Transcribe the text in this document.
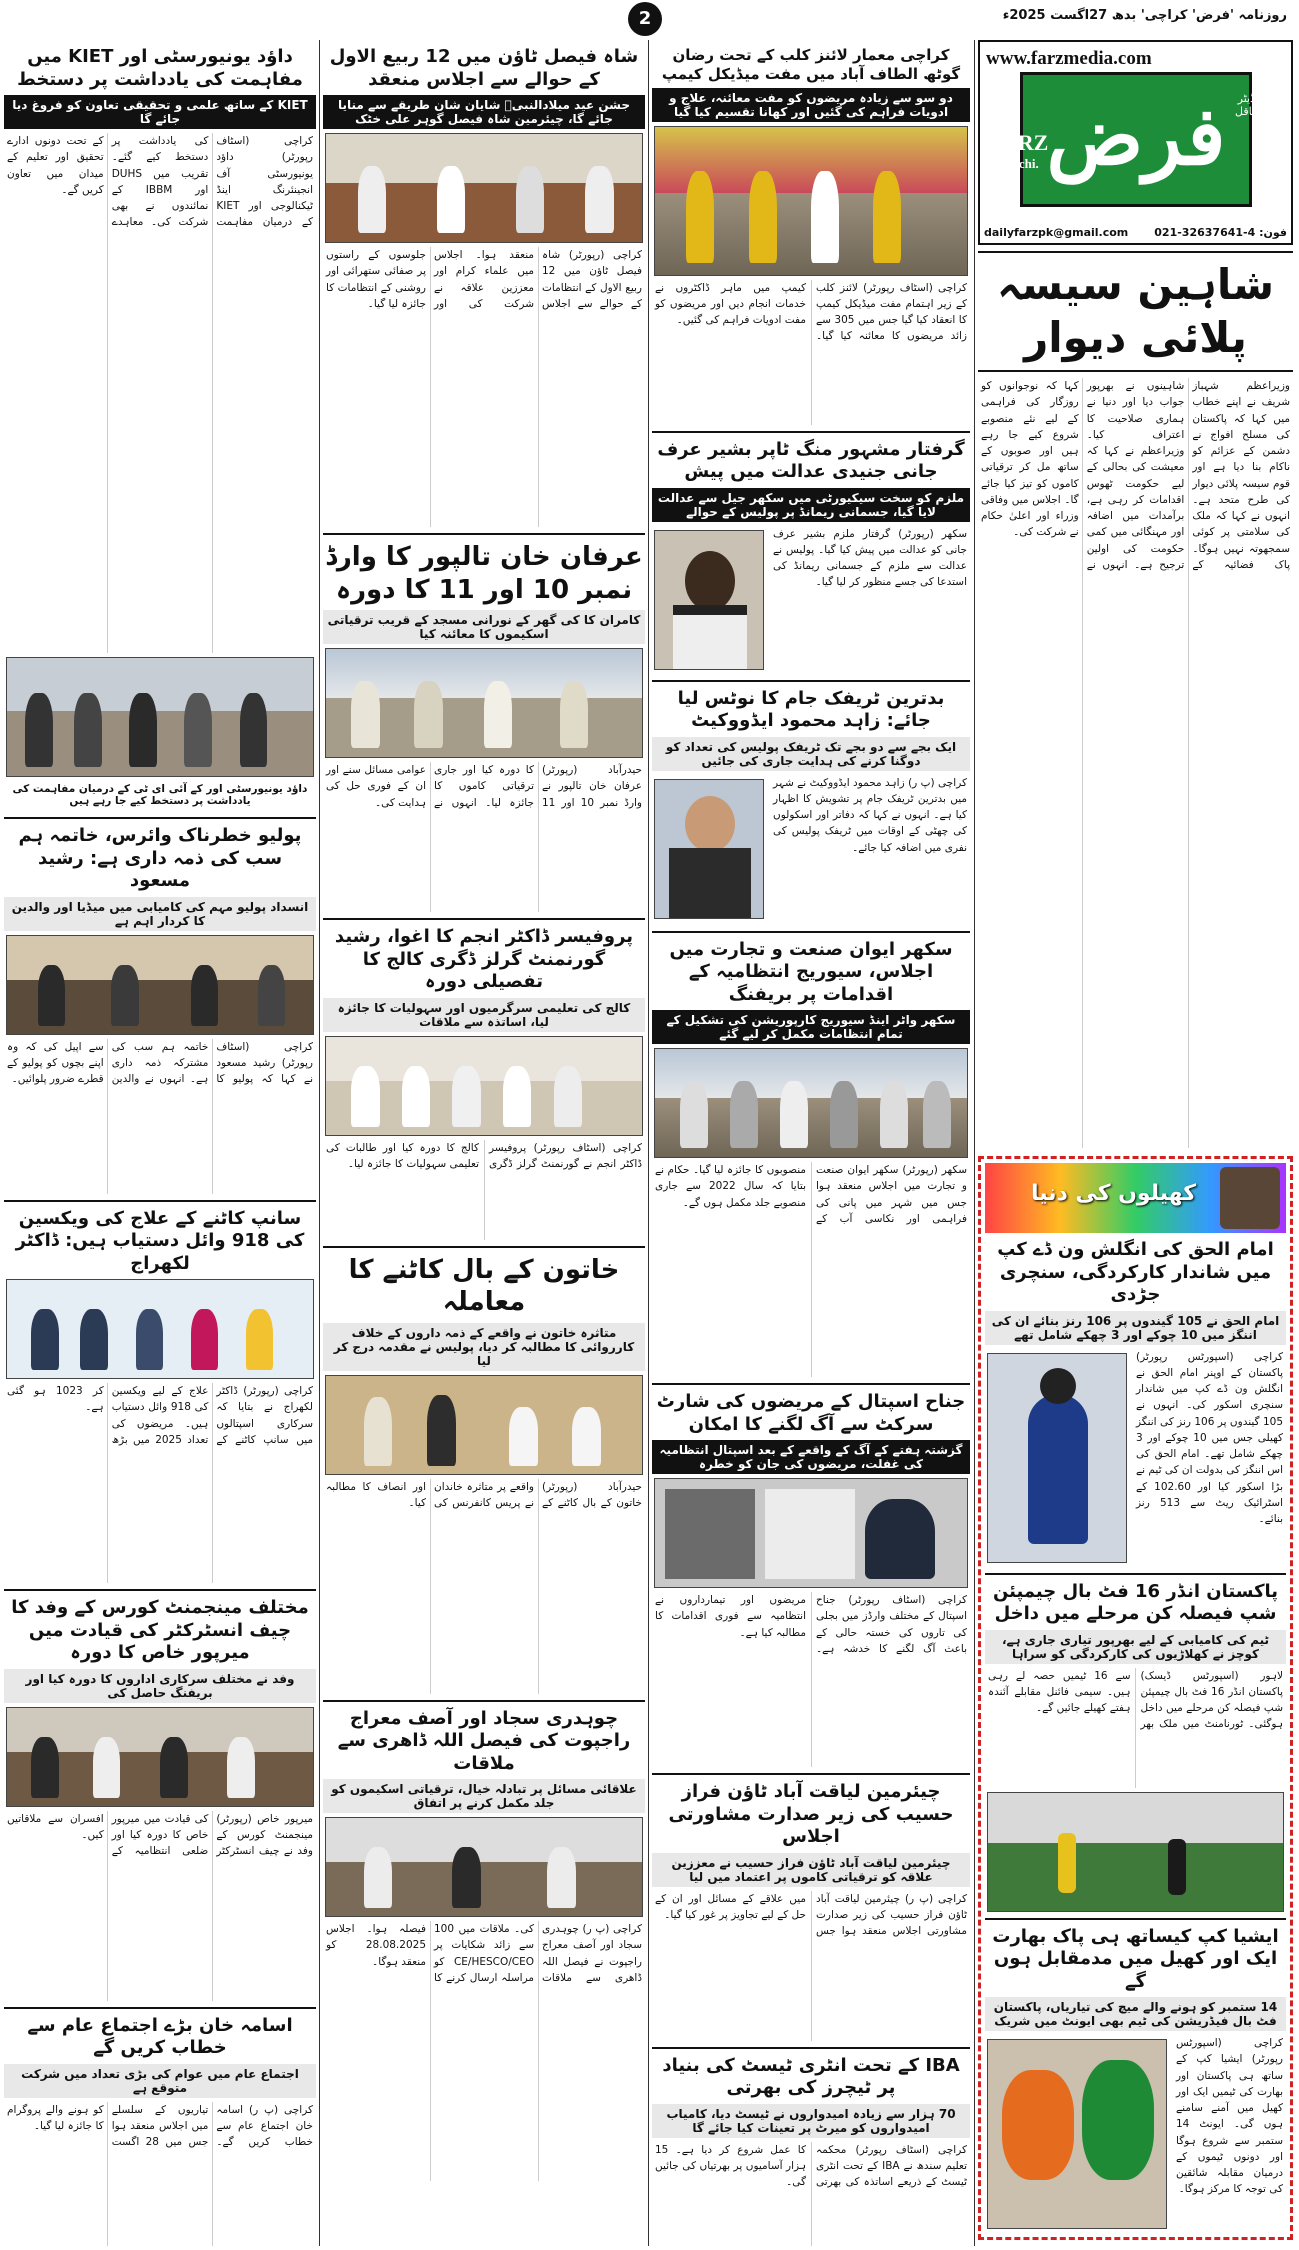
2	روزنامہ 'فرض' کراچی' بدھ 27اگست 2025ء
www.farzmedia.com
فرض
Daily
FARZ
Karachi.
چیف ایڈیٹر مختار عاقل
dailyfarzpk@gmail.com 021-32637641-4 :فون
شاہین سیسہ پلائی دیوار
وزیراعظم شہباز شریف نے اپنے خطاب میں کہا کہ پاکستان کی مسلح افواج نے دشمن کے عزائم کو ناکام بنا دیا ہے اور قوم سیسہ پلائی دیوار کی طرح متحد ہے۔ انہوں نے کہا کہ ملک کی سلامتی پر کوئی سمجھوتہ نہیں ہوگا۔ پاک فضائیہ کے شاہینوں نے بھرپور جواب دیا اور دنیا نے ہماری صلاحیت کا اعتراف کیا۔ وزیراعظم نے کہا کہ معیشت کی بحالی کے لیے حکومت ٹھوس اقدامات کر رہی ہے، برآمدات میں اضافہ اور مہنگائی میں کمی حکومت کی اولین ترجیح ہے۔ انہوں نے کہا کہ نوجوانوں کو روزگار کی فراہمی کے لیے نئے منصوبے شروع کیے جا رہے ہیں اور صوبوں کے ساتھ مل کر ترقیاتی کاموں کو تیز کیا جائے گا۔ اجلاس میں وفاقی وزراء اور اعلیٰ حکام نے شرکت کی۔
کھیلوں کی دنیا
امام الحق کی انگلش ون ڈے کپ میں شاندار کارکردگی، سنچری جڑدی
امام الحق نے 105 گیندوں پر 106 رنز بنائے ان کی اننگز میں 10 چوکے اور 3 چھکے شامل تھے
کراچی (اسپورٹس رپورٹر) پاکستان کے اوپنر امام الحق نے انگلش ون ڈے کپ میں شاندار سنچری اسکور کی۔ انہوں نے 105 گیندوں پر 106 رنز کی اننگز کھیلی جس میں 10 چوکے اور 3 چھکے شامل تھے۔ امام الحق کی اس اننگز کی بدولت ان کی ٹیم نے بڑا اسکور کیا اور 102.60 کے اسٹرائیک ریٹ سے 513 رنز بنائے۔
پاکستان انڈر 16 فٹ بال چیمپئن شپ فیصلہ کن مرحلے میں داخل
ٹیم کی کامیابی کے لیے بھرپور تیاری جاری ہے، کوچز نے کھلاڑیوں کی کارکردگی کو سراہا
لاہور (اسپورٹس ڈیسک) پاکستان انڈر 16 فٹ بال چیمپئن شپ فیصلہ کن مرحلے میں داخل ہوگئی۔ ٹورنامنٹ میں ملک بھر سے 16 ٹیمیں حصہ لے رہی ہیں۔ سیمی فائنل مقابلے آئندہ ہفتے کھیلے جائیں گے۔
ایشیا کپ کیساتھ ہی پاک بھارت ایک اور کھیل میں مدمقابل ہوں گے
14 ستمبر کو ہونے والے میچ کی تیاریاں، پاکستان فٹ بال فیڈریشن کی ٹیم بھی ایونٹ میں شریک
کراچی (اسپورٹس رپورٹر) ایشیا کپ کے ساتھ ہی پاکستان اور بھارت کی ٹیمیں ایک اور کھیل میں آمنے سامنے ہوں گی۔ ایونٹ 14 ستمبر سے شروع ہوگا اور دونوں ٹیموں کے درمیان مقابلہ شائقین کی توجہ کا مرکز ہوگا۔
کراچی معمار لائنز کلب کے تحت رضان گوٹھ الطاف آباد میں مفت میڈیکل کیمپ
دو سو سے زیادہ مریضوں کو مفت معائنہ، علاج و ادویات فراہم کی گئیں اور کھانا تقسیم کیا گیا
کراچی (اسٹاف رپورٹر) لائنز کلب کے زیر اہتمام مفت میڈیکل کیمپ کا انعقاد کیا گیا جس میں 305 سے زائد مریضوں کا معائنہ کیا گیا۔ کیمپ میں ماہر ڈاکٹروں نے خدمات انجام دیں اور مریضوں کو مفت ادویات فراہم کی گئیں۔
گرفتار مشہور منگ ٹاپر بشیر عرف جانی جنیدی عدالت میں پیش
ملزم کو سخت سیکیورٹی میں سکھر جیل سے عدالت لایا گیا، جسمانی ریمانڈ پر پولیس کے حوالے
سکھر (رپورٹر) گرفتار ملزم بشیر عرف جانی کو عدالت میں پیش کیا گیا۔ پولیس نے عدالت سے ملزم کے جسمانی ریمانڈ کی استدعا کی جسے منظور کر لیا گیا۔
بدترین ٹریفک جام کا نوٹس لیا جائے: زاہد محمود ایڈووکیٹ
ایک بجے سے دو بجے تک ٹریفک پولیس کی تعداد کو دوگنا کرنے کی ہدایت جاری کی جائیں
کراچی (پ ر) زاہد محمود ایڈووکیٹ نے شہر میں بدترین ٹریفک جام پر تشویش کا اظہار کیا ہے۔ انہوں نے کہا کہ دفاتر اور اسکولوں کی چھٹی کے اوقات میں ٹریفک پولیس کی نفری میں اضافہ کیا جائے۔
سکھر ایوان صنعت و تجارت میں اجلاس، سیوریج انتظامیہ کے اقدامات پر بریفنگ
سکھر واٹر اینڈ سیوریج کارپوریشن کی تشکیل کے تمام انتظامات مکمل کر لیے گئے
سکھر (رپورٹر) سکھر ایوان صنعت و تجارت میں اجلاس منعقد ہوا جس میں شہر میں پانی کی فراہمی اور نکاسی آب کے منصوبوں کا جائزہ لیا گیا۔ حکام نے بتایا کہ سال 2022 سے جاری منصوبے جلد مکمل ہوں گے۔
جناح اسپتال کے مریضوں کی شارٹ سرکٹ سے آگ لگنے کا امکان
گزشتہ ہفتے کے آگ کے واقعے کے بعد اسپتال انتظامیہ کی غفلت، مریضوں کی جان کو خطرہ
کراچی (اسٹاف رپورٹر) جناح اسپتال کے مختلف وارڈز میں بجلی کی تاروں کی خستہ حالی کے باعث آگ لگنے کا خدشہ ہے۔ مریضوں اور تیمارداروں نے انتظامیہ سے فوری اقدامات کا مطالبہ کیا ہے۔
چیئرمین لیاقت آباد ٹاؤن فراز حسیب کی زیر صدارت مشاورتی اجلاس
چیئرمین لیاقت آباد ٹاؤن فراز حسیب نے معززین علاقہ کو ترقیاتی کاموں پر اعتماد میں لیا
کراچی (پ ر) چیئرمین لیاقت آباد ٹاؤن فراز حسیب کی زیر صدارت مشاورتی اجلاس منعقد ہوا جس میں علاقے کے مسائل اور ان کے حل کے لیے تجاویز پر غور کیا گیا۔
IBA کے تحت انٹری ٹیسٹ کی بنیاد پر ٹیچرز کی بھرتی
70 ہزار سے زیادہ امیدواروں نے ٹیسٹ دیا، کامیاب امیدواروں کو میرٹ پر تعینات کیا جائے گا
کراچی (اسٹاف رپورٹر) محکمہ تعلیم سندھ نے IBA کے تحت انٹری ٹیسٹ کے ذریعے اساتذہ کی بھرتی کا عمل شروع کر دیا ہے۔ 15 ہزار آسامیوں پر بھرتیاں کی جائیں گی۔
شاہ فیصل ٹاؤن میں 12 ربیع الاول کے حوالے سے اجلاس منعقد
جشن عید میلادالنبیؐ شایان شان طریقے سے منایا جائے گا، چیئرمین شاہ فیصل گوہر علی خٹک
کراچی (رپورٹر) شاہ فیصل ٹاؤن میں 12 ربیع الاول کے انتظامات کے حوالے سے اجلاس منعقد ہوا۔ اجلاس میں علماء کرام اور معززین علاقہ نے شرکت کی اور جلوسوں کے راستوں پر صفائی ستھرائی اور روشنی کے انتظامات کا جائزہ لیا گیا۔
عرفان خان تالپور کا وارڈ نمبر 10 اور 11 کا دورہ
کامران کا کی گھر کے نورانی مسجد کے قریب ترقیاتی اسکیموں کا معائنہ کیا
حیدرآباد (رپورٹر) عرفان خان تالپور نے وارڈ نمبر 10 اور 11 کا دورہ کیا اور جاری ترقیاتی کاموں کا جائزہ لیا۔ انہوں نے عوامی مسائل سنے اور ان کے فوری حل کی ہدایت کی۔
پروفیسر ڈاکٹر انجم کا اغوا، رشید گورنمنٹ گرلز ڈگری کالج کا تفصیلی دورہ
کالج کی تعلیمی سرگرمیوں اور سہولیات کا جائزہ لیا، اساتذہ سے ملاقات
کراچی (اسٹاف رپورٹر) پروفیسر ڈاکٹر انجم نے گورنمنٹ گرلز ڈگری کالج کا دورہ کیا اور طالبات کی تعلیمی سہولیات کا جائزہ لیا۔
خاتون کے بال کاٹنے کا معاملہ
متاثرہ خاتون نے واقعے کے ذمہ داروں کے خلاف کارروائی کا مطالبہ کر دیا، پولیس نے مقدمہ درج کر لیا
حیدرآباد (رپورٹر) خاتون کے بال کاٹنے کے واقعے پر متاثرہ خاندان نے پریس کانفرنس کی اور انصاف کا مطالبہ کیا۔
چوہدری سجاد اور آصف معراج راجپوت کی فیصل اللہ ڈاھری سے ملاقات
علاقائی مسائل پر تبادلہ خیال، ترقیاتی اسکیموں کو جلد مکمل کرنے پر اتفاق
کراچی (پ ر) چوہدری سجاد اور آصف معراج راجپوت نے فیصل اللہ ڈاھری سے ملاقات کی۔ ملاقات میں 100 سے زائد شکایات پر CE/HESCO/CEO کو مراسلہ ارسال کرنے کا فیصلہ ہوا۔ اجلاس 28.08.2025 کو منعقد ہوگا۔
داؤد یونیورسٹی اور KIET میں مفاہمت کی یادداشت پر دستخط
KIET کے ساتھ علمی و تحقیقی تعاون کو فروغ دیا جائے گا
کراچی (اسٹاف رپورٹر) داؤد یونیورسٹی آف انجینئرنگ اینڈ ٹیکنالوجی اور KIET کے درمیان مفاہمت کی یادداشت پر دستخط کیے گئے۔ تقریب میں DUHS اور IBBM کے نمائندوں نے بھی شرکت کی۔ معاہدے کے تحت دونوں ادارے تحقیق اور تعلیم کے میدان میں تعاون کریں گے۔
داؤد یونیورسٹی اور کے آئی ای ٹی کے درمیان مفاہمت کی یادداشت پر دستخط کیے جا رہے ہیں
پولیو خطرناک وائرس، خاتمہ ہم سب کی ذمہ داری ہے: رشید مسعود
انسداد پولیو مہم کی کامیابی میں میڈیا اور والدین کا کردار اہم ہے
کراچی (اسٹاف رپورٹر) رشید مسعود نے کہا کہ پولیو کا خاتمہ ہم سب کی مشترکہ ذمہ داری ہے۔ انہوں نے والدین سے اپیل کی کہ وہ اپنے بچوں کو پولیو کے قطرے ضرور پلوائیں۔
سانپ کاٹنے کے علاج کی ویکسین کی 918 وائل دستیاب ہیں: ڈاکٹر لکھراج
کراچی (رپورٹر) ڈاکٹر لکھراج نے بتایا کہ سرکاری اسپتالوں میں سانپ کاٹنے کے علاج کے لیے ویکسین کی 918 وائل دستیاب ہیں۔ مریضوں کی تعداد 2025 میں بڑھ کر 1023 ہو گئی ہے۔
مختلف مینجمنٹ کورس کے وفد کا چیف انسٹرکٹر کی قیادت میں میرپور خاص کا دورہ
وفد نے مختلف سرکاری اداروں کا دورہ کیا اور بریفنگ حاصل کی
میرپور خاص (رپورٹر) مینجمنٹ کورس کے وفد نے چیف انسٹرکٹر کی قیادت میں میرپور خاص کا دورہ کیا اور ضلعی انتظامیہ کے افسران سے ملاقاتیں کیں۔
اسامہ خان بڑے اجتماع عام سے خطاب کریں گے
اجتماع عام میں عوام کی بڑی تعداد میں شرکت متوقع ہے
کراچی (پ ر) اسامہ خان اجتماع عام سے خطاب کریں گے۔ تیاریوں کے سلسلے میں اجلاس منعقد ہوا جس میں 28 اگست کو ہونے والے پروگرام کا جائزہ لیا گیا۔
